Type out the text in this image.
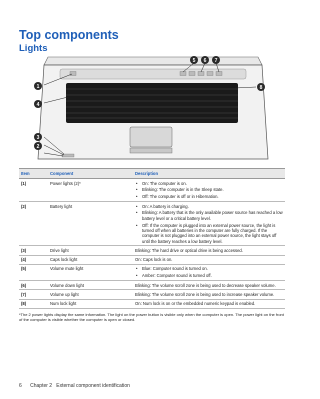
Top components
Lights
1
4
3
2
5 6 7
8
Item	Component	Description
(1)	Power lights (2)*	• On: The computer is on.
• Blinking: The computer is in the Sleep state.
• Off: The computer is off or in Hibernation.
(2)	Battery light	• On: A battery is charging.
• Blinking: A battery that is the only available power source has reached a low battery level or a critical battery level.
• Off: If the computer is plugged into an external power source, the light is turned off when all batteries in the computer are fully charged. If the computer is not plugged into an external power source, the light stays off until the battery reaches a low battery level.
(3)	Drive light	Blinking: The hard drive or optical drive is being accessed.
(4)	Caps lock light	On: Caps lock is on.
(5)	Volume mute light	• Blue: Computer sound is turned on.
• Amber: Computer sound is turned off.
(6)	Volume down light	Blinking: The volume scroll zone is being used to decrease speaker volume.
(7)	Volume up light	Blinking: The volume scroll zone is being used to increase speaker volume.
(8)	Num lock light	On: Num lock is on or the embedded numeric keypad is enabled.
*The 2 power lights display the same information. The light on the power button is visible only when the computer is open. The power light on the front of the computer is visible whether the computer is open or closed.
6      Chapter 2   External component identification
